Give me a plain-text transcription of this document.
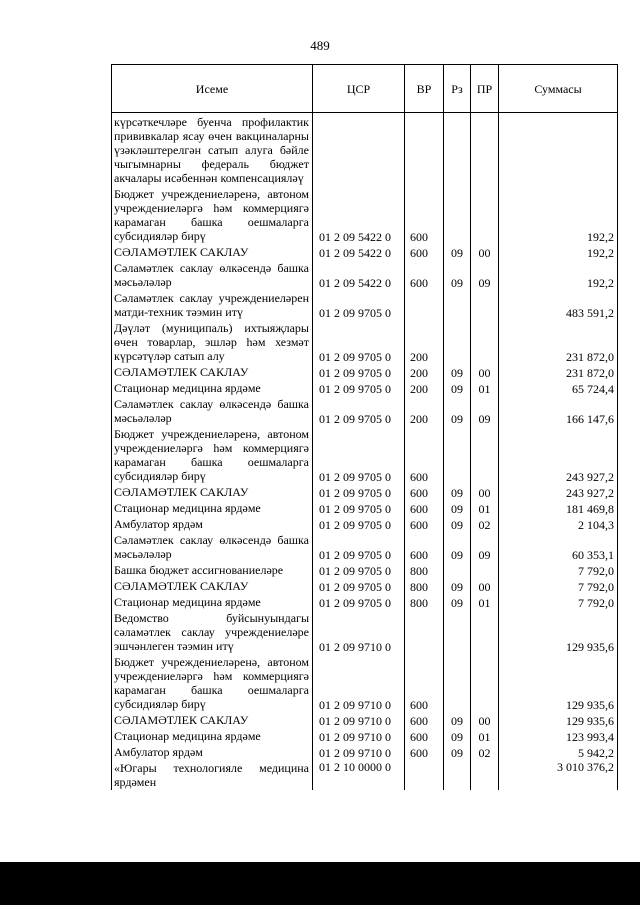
489
Исеме	ЦСР	ВР	Рз	ПР	Суммасы
күрсәткечләре буенча профилактик прививкалар ясау өчен вакциналарны үзәкләштерелгән сатып алуга бәйле чыгымнарны федераль бюджет акчалары исәбеннән компенсацияләү					
Бюджет учреждениеләренә, автоном учреждениеләргә һәм коммерциягә карамаган башка оешмаларга субсидияләр бирү	01 2 09 5422 0	600			192,2
СӘЛАМӘТЛЕК САКЛАУ	01 2 09 5422 0	600	09	00	192,2
Сәламәтлек саклау өлкәсендә башка мәсьәләләр	01 2 09 5422 0	600	09	09	192,2
Сәламәтлек саклау учреждениеләрен матди-техник тәэмин итү	01 2 09 9705 0				483 591,2
Дәүләт (муниципаль) ихтыяҗлары өчен товарлар, эшләр һәм хезмәт күрсәтүләр сатып алу	01 2 09 9705 0	200			231 872,0
СӘЛАМӘТЛЕК САКЛАУ	01 2 09 9705 0	200	09	00	231 872,0
Стационар медицина ярдәме	01 2 09 9705 0	200	09	01	65 724,4
Сәламәтлек саклау өлкәсендә башка мәсьәләләр	01 2 09 9705 0	200	09	09	166 147,6
Бюджет учреждениеләренә, автоном учреждениеләргә һәм коммерциягә карамаган башка оешмаларга субсидияләр бирү	01 2 09 9705 0	600			243 927,2
СӘЛАМӘТЛЕК САКЛАУ	01 2 09 9705 0	600	09	00	243 927,2
Стационар медицина ярдәме	01 2 09 9705 0	600	09	01	181 469,8
Амбулатор ярдәм	01 2 09 9705 0	600	09	02	2 104,3
Сәламәтлек саклау өлкәсендә башка мәсьәләләр	01 2 09 9705 0	600	09	09	60 353,1
Башка бюджет ассигнованиеләре	01 2 09 9705 0	800			7 792,0
СӘЛАМӘТЛЕК САКЛАУ	01 2 09 9705 0	800	09	00	7 792,0
Стационар медицина ярдәме	01 2 09 9705 0	800	09	01	7 792,0
Ведомство буйсынуындагы сәламәтлек саклау учреждениеләре эшчәнлеген тәэмин итү	01 2 09 9710 0				129 935,6
Бюджет учреждениеләренә, автоном учреждениеләргә һәм коммерциягә карамаган башка оешмаларга субсидияләр бирү	01 2 09 9710 0	600			129 935,6
СӘЛАМӘТЛЕК САКЛАУ	01 2 09 9710 0	600	09	00	129 935,6
Стационар медицина ярдәме	01 2 09 9710 0	600	09	01	123 993,4
Амбулатор ярдәм	01 2 09 9710 0	600	09	02	5 942,2
«Югары технологияле медицина ярдәмен	01 2 10 0000 0				3 010 376,2
